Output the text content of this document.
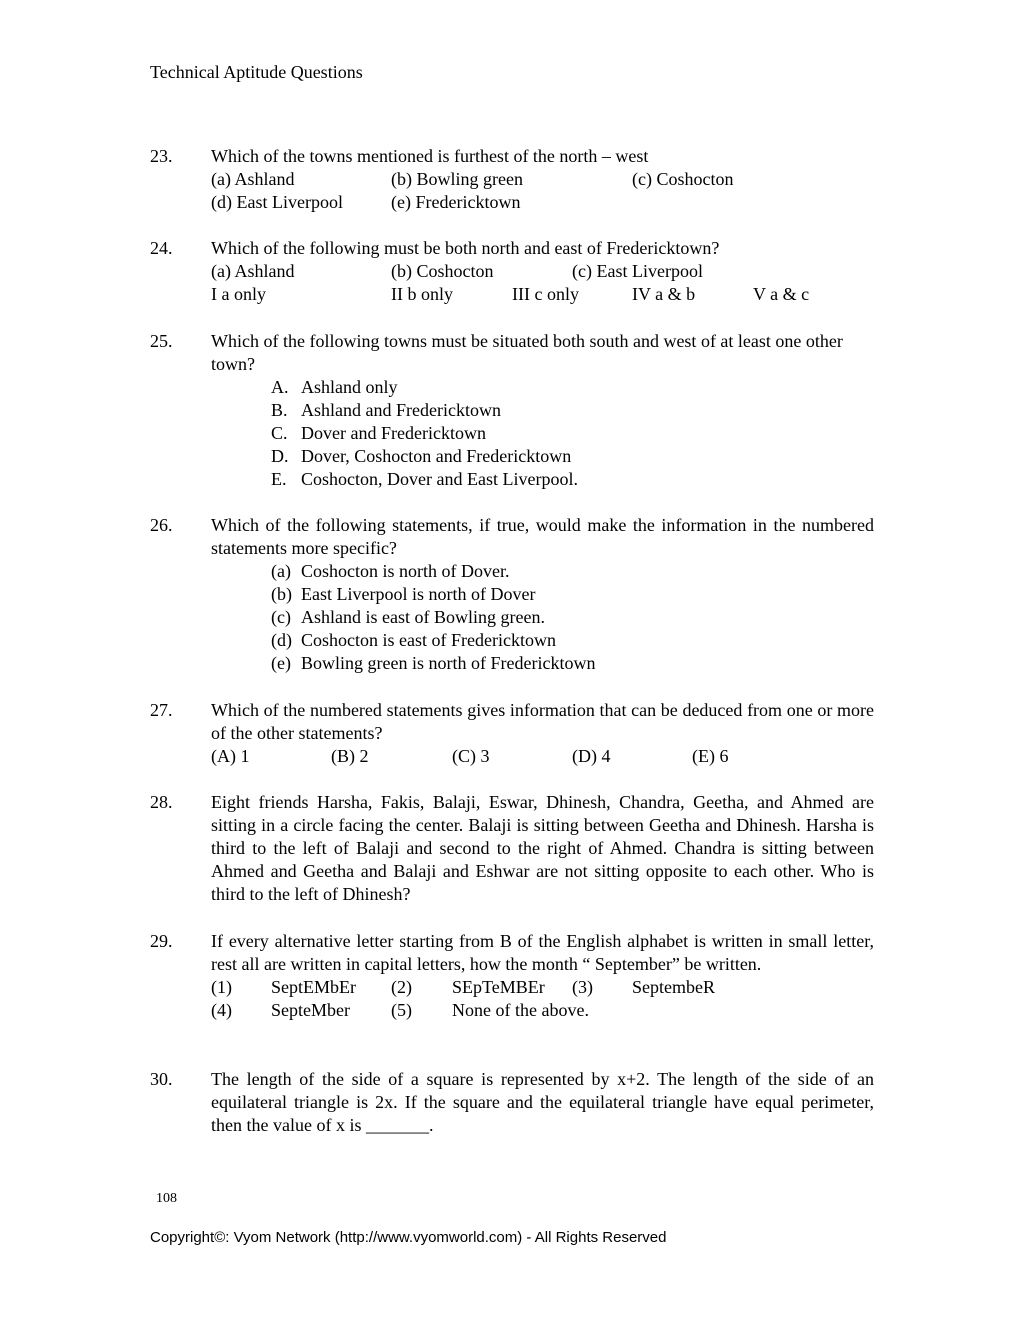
Technical Aptitude Questions
23. Which of the towns mentioned is furthest of the north – west
(a) Ashland	(b) Bowling green	(c) Coshocton
(d) East Liverpool	(e) Fredericktown
24. Which of the following must be both north and east of Fredericktown?
(a) Ashland	(b) Coshocton	(c) East Liverpool
I a only	II b only	III c only	IV a & b	V a & c
25. Which of the following towns must be situated both south and west of at least one other town?
A. Ashland only
B. Ashland and Fredericktown
C. Dover and Fredericktown
D. Dover, Coshocton and Fredericktown
E. Coshocton, Dover and East Liverpool.
26. Which of the following statements, if true, would make the information in the numbered statements more specific?
(a) Coshocton is north of Dover.
(b) East Liverpool is north of Dover
(c) Ashland is east of Bowling green.
(d) Coshocton is east of Fredericktown
(e) Bowling green is north of Fredericktown
27. Which of the numbered statements gives information that can be deduced from one or more of the other statements?
(A) 1	(B) 2	(C) 3	(D) 4	(E) 6
28. Eight friends Harsha, Fakis, Balaji, Eswar, Dhinesh, Chandra, Geetha, and Ahmed are sitting in a circle facing the center. Balaji is sitting between Geetha and Dhinesh. Harsha is third to the left of Balaji and second to the right of Ahmed. Chandra is sitting between Ahmed and Geetha and Balaji and Eshwar are not sitting opposite to each other. Who is third to the left of Dhinesh?
29. If every alternative letter starting from B of the English alphabet is written in small letter, rest all are written in capital letters, how the month “ September” be written.
(1) SeptEMbEr (2) SEpTeMBEr (3) SeptembeR
(4) SepteMber (5) None of the above.
30. The length of the side of a square is represented by x+2. The length of the side of an equilateral triangle is 2x. If the square and the equilateral triangle have equal perimeter, then the value of x is _______.
108
Copyright©: Vyom Network (http://www.vyomworld.com) - All Rights Reserved
